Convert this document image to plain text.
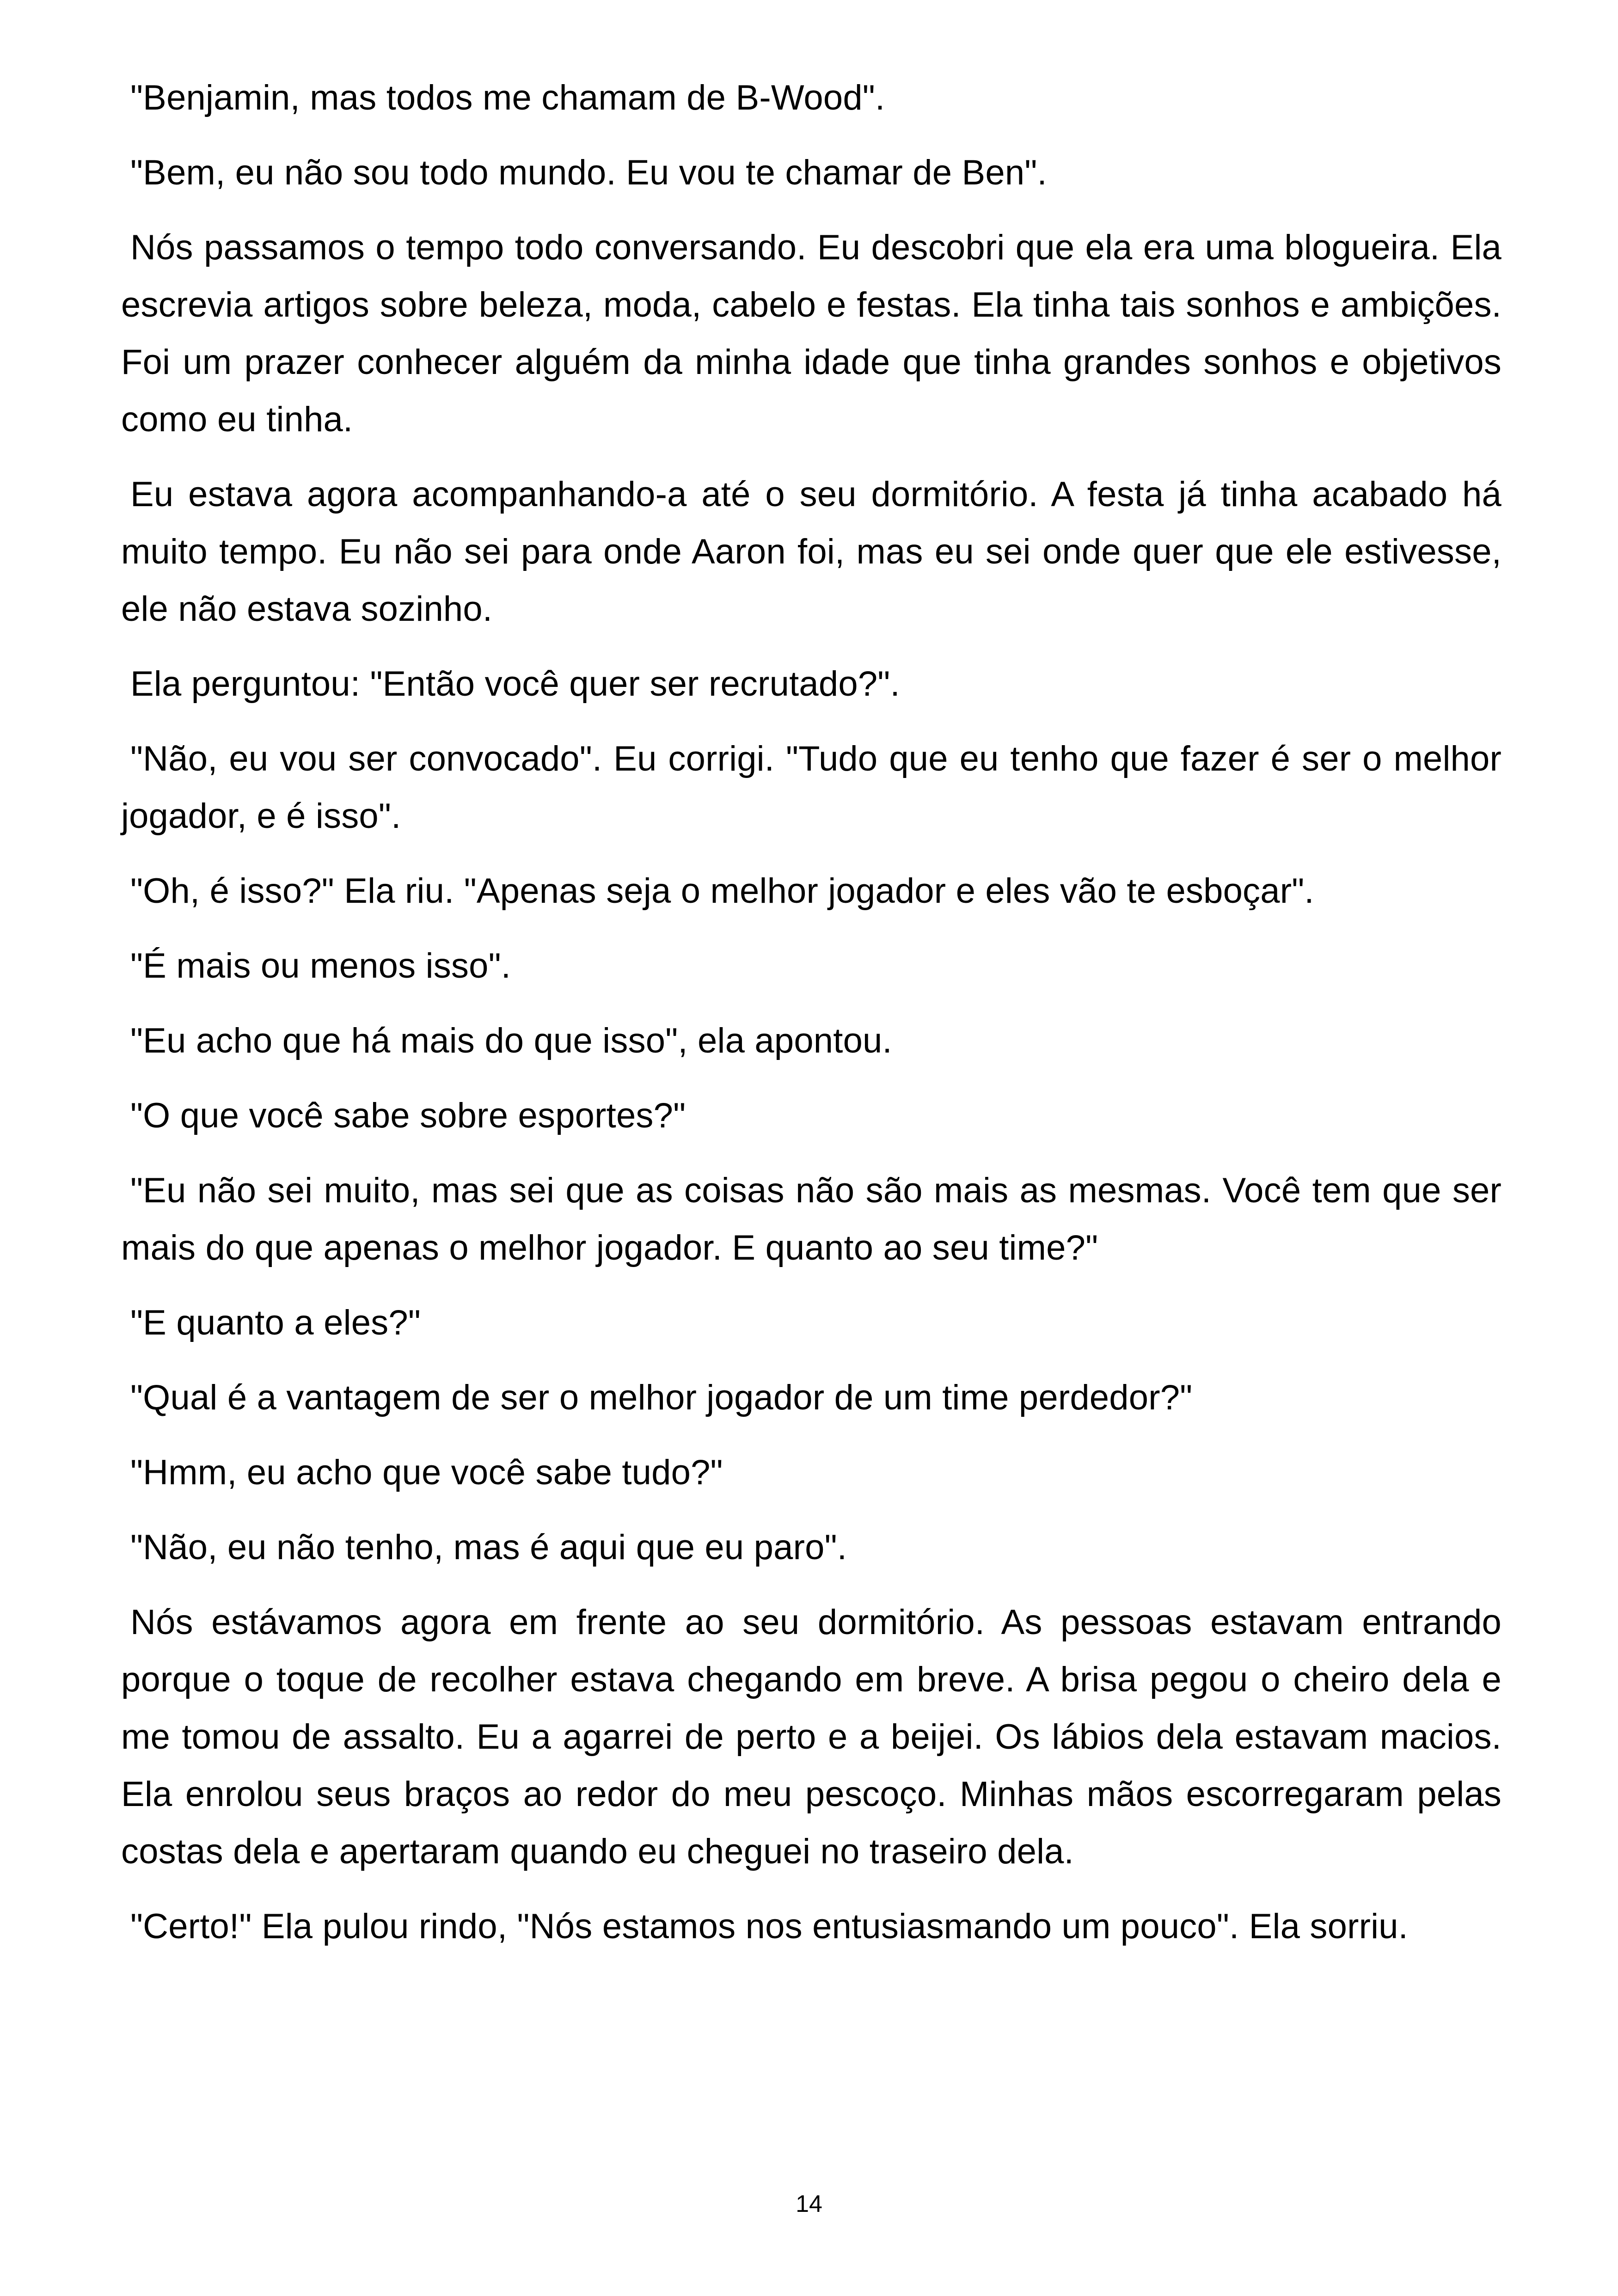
"Benjamin, mas todos me chamam de B-Wood".

"Bem, eu não sou todo mundo. Eu vou te chamar de Ben".

Nós passamos o tempo todo conversando. Eu descobri que ela era uma blogueira. Ela escrevia artigos sobre beleza, moda, cabelo e festas. Ela tinha tais sonhos e ambições. Foi um prazer conhecer alguém da minha idade que tinha grandes sonhos e objetivos como eu tinha.

Eu estava agora acompanhando-a até o seu dormitório. A festa já tinha acabado há muito tempo. Eu não sei para onde Aaron foi, mas eu sei onde quer que ele estivesse, ele não estava sozinho.

Ela perguntou: "Então você quer ser recrutado?".

"Não, eu vou ser convocado". Eu corrigi. "Tudo que eu tenho que fazer é ser o melhor jogador, e é isso".

"Oh, é isso?" Ela riu. "Apenas seja o melhor jogador e eles vão te esboçar".

"É mais ou menos isso".

"Eu acho que há mais do que isso", ela apontou.

"O que você sabe sobre esportes?"

"Eu não sei muito, mas sei que as coisas não são mais as mesmas. Você tem que ser mais do que apenas o melhor jogador. E quanto ao seu time?"

"E quanto a eles?"

"Qual é a vantagem de ser o melhor jogador de um time perdedor?"

"Hmm, eu acho que você sabe tudo?"

"Não, eu não tenho, mas é aqui que eu paro".

Nós estávamos agora em frente ao seu dormitório. As pessoas estavam entrando porque o toque de recolher estava chegando em breve. A brisa pegou o cheiro dela e me tomou de assalto. Eu a agarrei de perto e a beijei. Os lábios dela estavam macios. Ela enrolou seus braços ao redor do meu pescoço. Minhas mãos escorregaram pelas costas dela e apertaram quando eu cheguei no traseiro dela.

"Certo!" Ela pulou rindo, "Nós estamos nos entusiasmando um pouco". Ela sorriu.

14
